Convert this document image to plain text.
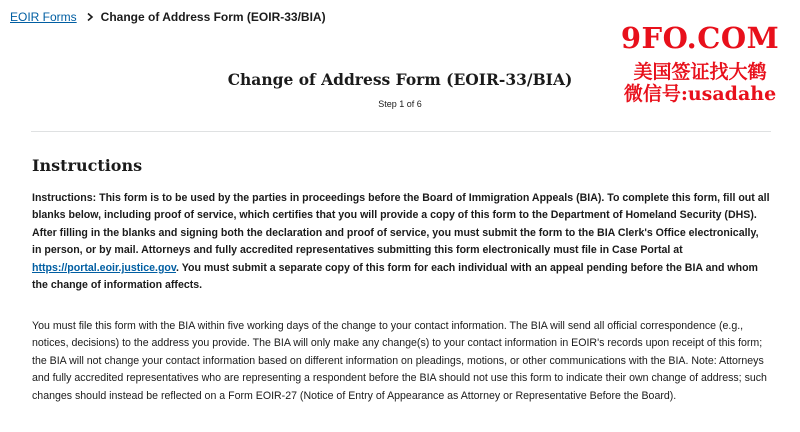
EOIR Forms Change of Address Form (EOIR-33/BIA)
9FO.COM
美国签证找大鹤
微信号:usadahe
Change of Address Form (EOIR-33/BIA)
Step 1 of 6
Instructions

Instructions: This form is to be used by the parties in proceedings before the Board of Immigration Appeals (BIA). To complete this form, fill out all blanks below, including proof of service, which certifies that you will provide a copy of this form to the Department of Homeland Security (DHS). After filling in the blanks and signing both the declaration and proof of service, you must submit the form to the BIA Clerk's Office electronically, in person, or by mail. Attorneys and fully accredited representatives submitting this form electronically must file in Case Portal at https://portal.eoir.justice.gov. You must submit a separate copy of this form for each individual with an appeal pending before the BIA and whom the change of information affects.

You must file this form with the BIA within five working days of the change to your contact information. The BIA will send all official correspondence (e.g., notices, decisions) to the address you provide. The BIA will only make any change(s) to your contact information in EOIR's records upon receipt of this form; the BIA will not change your contact information based on different information on pleadings, motions, or other communications with the BIA. Note: Attorneys and fully accredited representatives who are representing a respondent before the BIA should not use this form to indicate their own change of address; such changes should instead be reflected on a Form EOIR-27 (Notice of Entry of Appearance as Attorney or Representative Before the Board).
